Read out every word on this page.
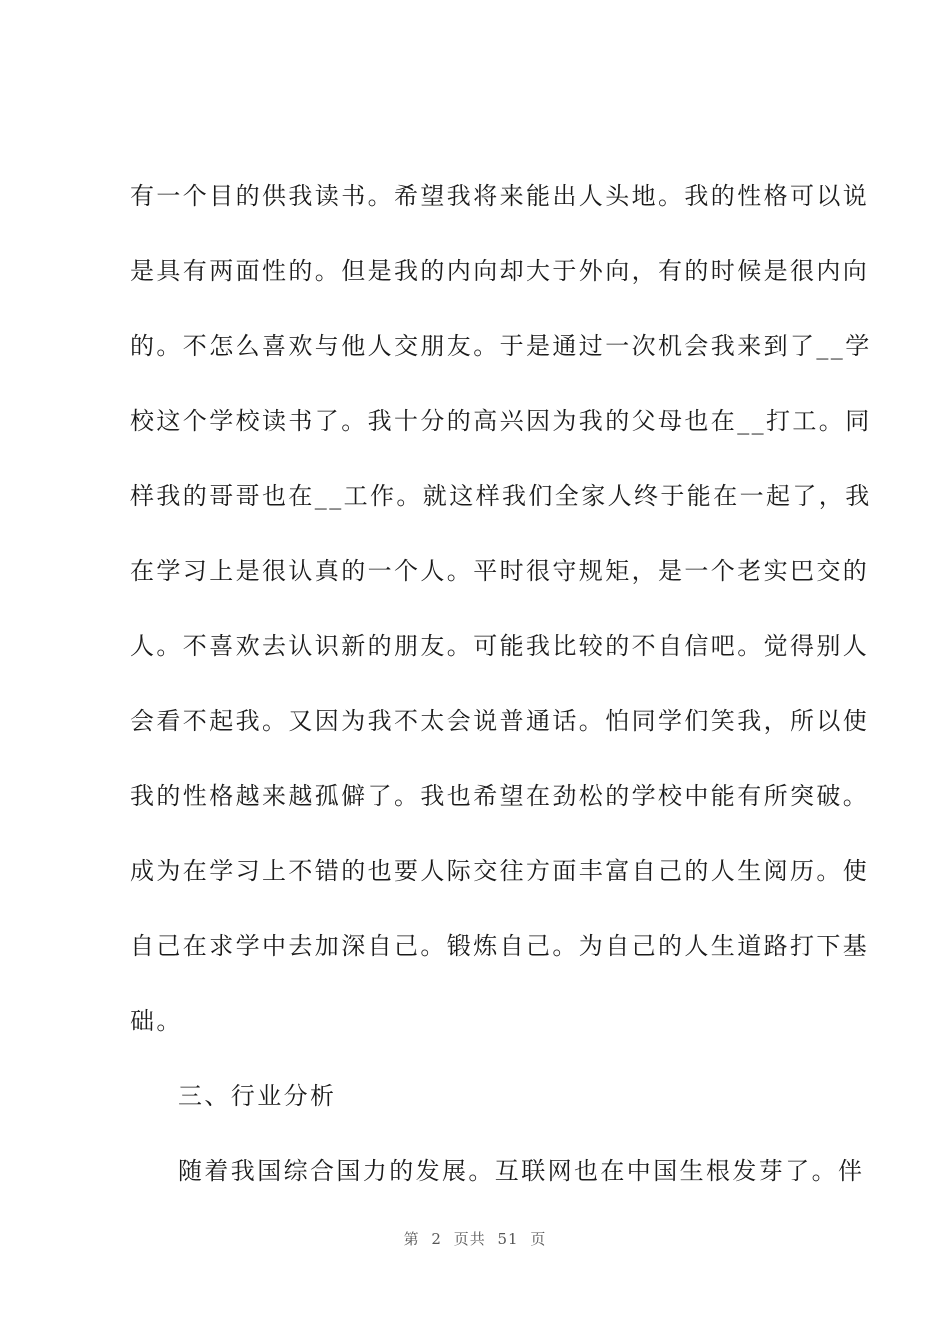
有一个目的供我读书。希望我将来能出人头地。我的性格可以说
是具有两面性的。但是我的内向却大于外向，有的时候是很内向
的。不怎么喜欢与他人交朋友。于是通过一次机会我来到了__学
校这个学校读书了。我十分的高兴因为我的父母也在__打工。同
样我的哥哥也在__工作。就这样我们全家人终于能在一起了，我
在学习上是很认真的一个人。平时很守规矩，是一个老实巴交的
人。不喜欢去认识新的朋友。可能我比较的不自信吧。觉得别人
会看不起我。又因为我不太会说普通话。怕同学们笑我，所以使
我的性格越来越孤僻了。我也希望在劲松的学校中能有所突破。
成为在学习上不错的也要人际交往方面丰富自己的人生阅历。使
自己在求学中去加深自己。锻炼自己。为自己的人生道路打下基
础。
三、行业分析
随着我国综合国力的发展。互联网也在中国生根发芽了。伴
第 2 页共 51 页
